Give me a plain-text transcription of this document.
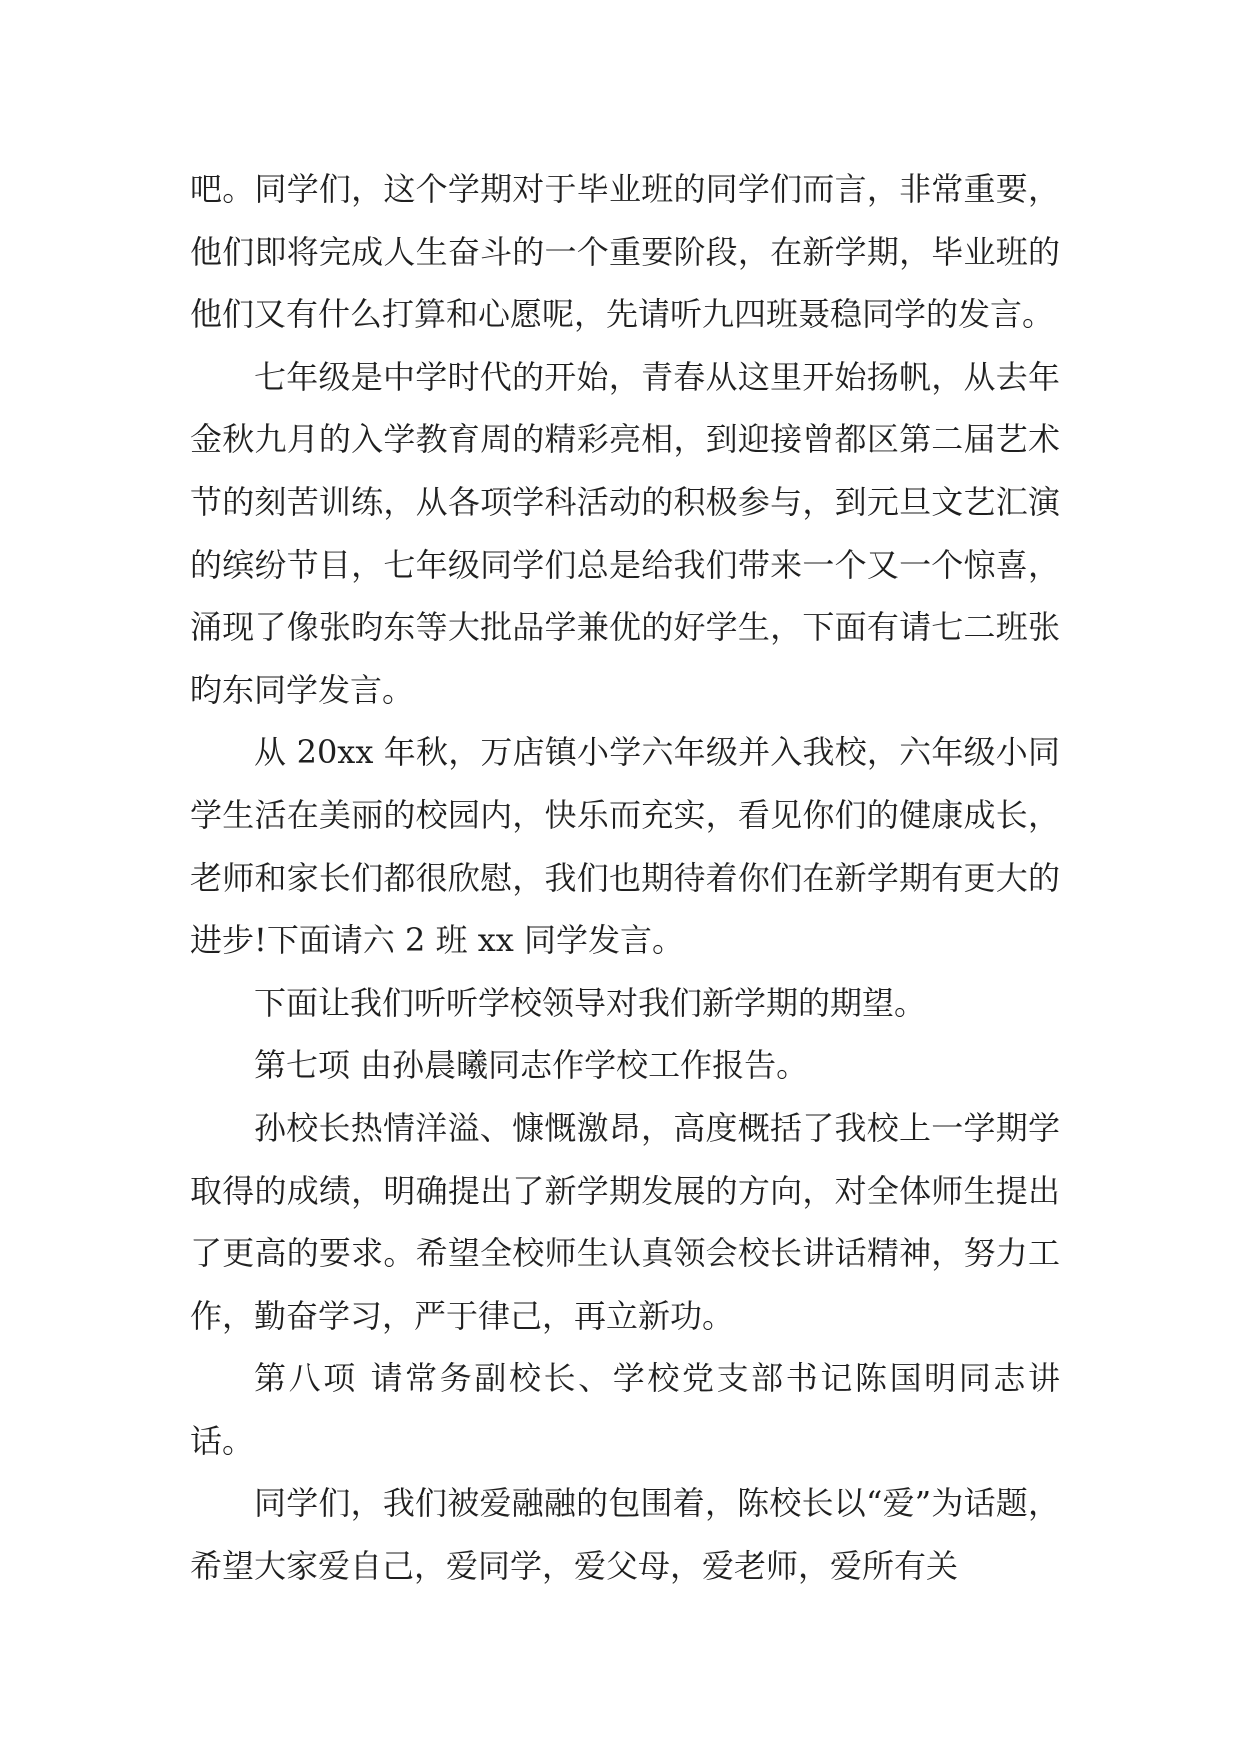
吧。同学们，这个学期对于毕业班的同学们而言，非常重要，他们即将完成人生奋斗的一个重要阶段，在新学期，毕业班的他们又有什么打算和心愿呢，先请听九四班聂稳同学的发言。

七年级是中学时代的开始，青春从这里开始扬帆，从去年金秋九月的入学教育周的精彩亮相，到迎接曾都区第二届艺术节的刻苦训练，从各项学科活动的积极参与，到元旦文艺汇演的缤纷节目，七年级同学们总是给我们带来一个又一个惊喜，涌现了像张昀东等大批品学兼优的好学生，下面有请七二班张昀东同学发言。

从 20xx 年秋，万店镇小学六年级并入我校，六年级小同学生活在美丽的校园内，快乐而充实，看见你们的健康成长，老师和家长们都很欣慰，我们也期待着你们在新学期有更大的进步!下面请六 2 班 xx 同学发言。

下面让我们听听学校领导对我们新学期的期望。

第七项 由孙晨曦同志作学校工作报告。

孙校长热情洋溢、慷慨激昂，高度概括了我校上一学期学取得的成绩，明确提出了新学期发展的方向，对全体师生提出了更高的要求。希望全校师生认真领会校长讲话精神，努力工作，勤奋学习，严于律己，再立新功。

第八项 请常务副校长、学校党支部书记陈国明同志讲话。

同学们，我们被爱融融的包围着，陈校长以“爱”为话题，希望大家爱自己，爱同学，爱父母，爱老师，爱所有关
